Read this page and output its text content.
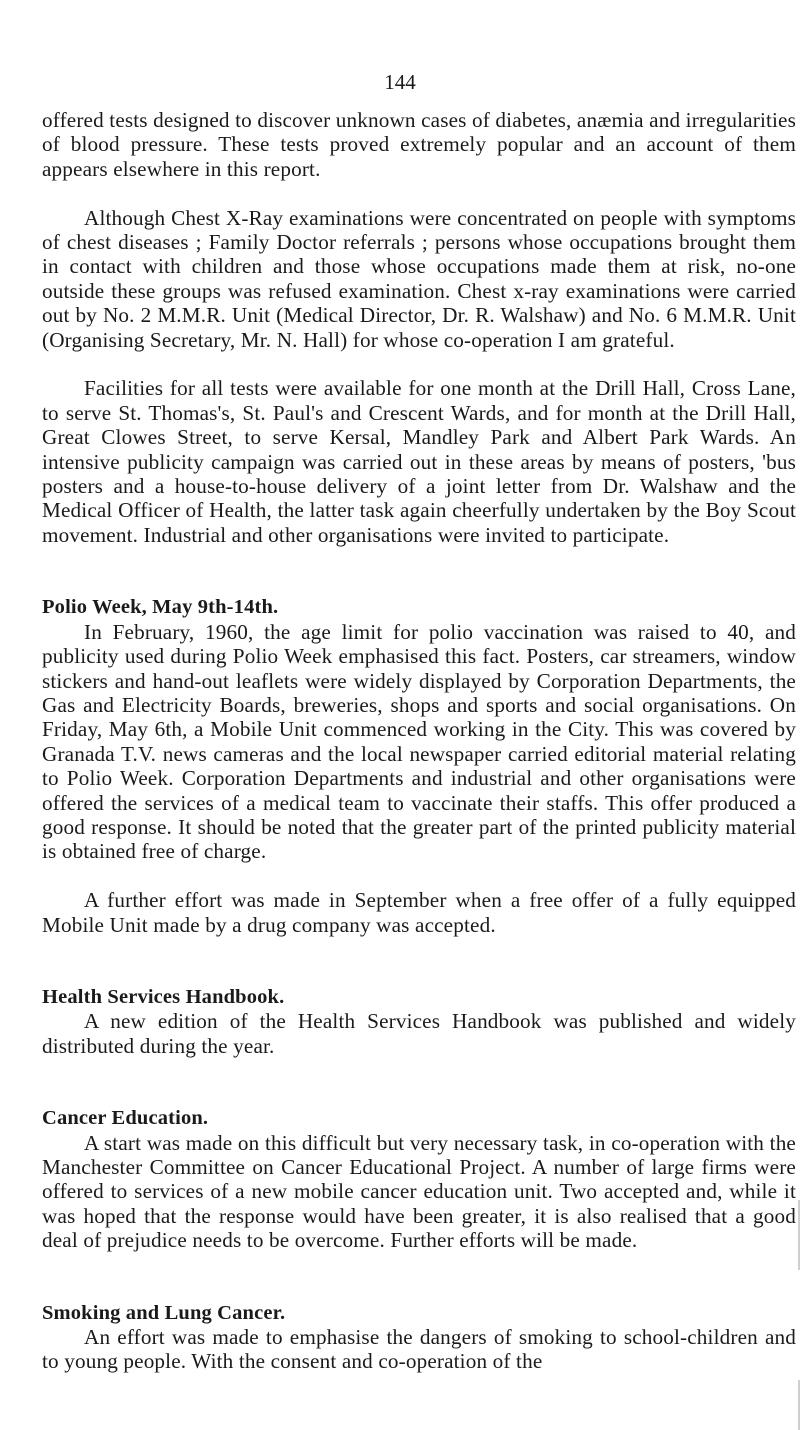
144

offered tests designed to discover unknown cases of diabetes, anæmia and irregularities of blood pressure. These tests proved extremely popular and an account of them appears elsewhere in this report.

Although Chest X-Ray examinations were concentrated on people with symptoms of chest diseases ; Family Doctor referrals ; persons whose occupations brought them in contact with children and those whose occupations made them at risk, no-one outside these groups was refused examination. Chest x-ray examinations were carried out by No. 2 M.M.R. Unit (Medical Director, Dr. R. Walshaw) and No. 6 M.M.R. Unit (Organising Secretary, Mr. N. Hall) for whose co-operation I am grateful.

Facilities for all tests were available for one month at the Drill Hall, Cross Lane, to serve St. Thomas's, St. Paul's and Crescent Wards, and for month at the Drill Hall, Great Clowes Street, to serve Kersal, Mandley Park and Albert Park Wards. An intensive publicity campaign was carried out in these areas by means of posters, 'bus posters and a house-to-house delivery of a joint letter from Dr. Walshaw and the Medical Officer of Health, the latter task again cheerfully undertaken by the Boy Scout movement. Industrial and other organisations were invited to participate.

Polio Week, May 9th-14th.

In February, 1960, the age limit for polio vaccination was raised to 40, and publicity used during Polio Week emphasised this fact. Posters, car streamers, window stickers and hand-out leaflets were widely displayed by Corporation Departments, the Gas and Electricity Boards, breweries, shops and sports and social organisations. On Friday, May 6th, a Mobile Unit commenced working in the City. This was covered by Granada T.V. news cameras and the local newspaper carried editorial material relating to Polio Week. Corporation Departments and industrial and other organisations were offered the services of a medical team to vaccinate their staffs. This offer produced a good response. It should be noted that the greater part of the printed publicity material is obtained free of charge.

A further effort was made in September when a free offer of a fully equipped Mobile Unit made by a drug company was accepted.

Health Services Handbook.

A new edition of the Health Services Handbook was published and widely distributed during the year.

Cancer Education.

A start was made on this difficult but very necessary task, in co-operation with the Manchester Committee on Cancer Educational Project. A number of large firms were offered to services of a new mobile cancer education unit. Two accepted and, while it was hoped that the response would have been greater, it is also realised that a good deal of prejudice needs to be overcome. Further efforts will be made.

Smoking and Lung Cancer.

An effort was made to emphasise the dangers of smoking to school-children and to young people. With the consent and co-operation of the
